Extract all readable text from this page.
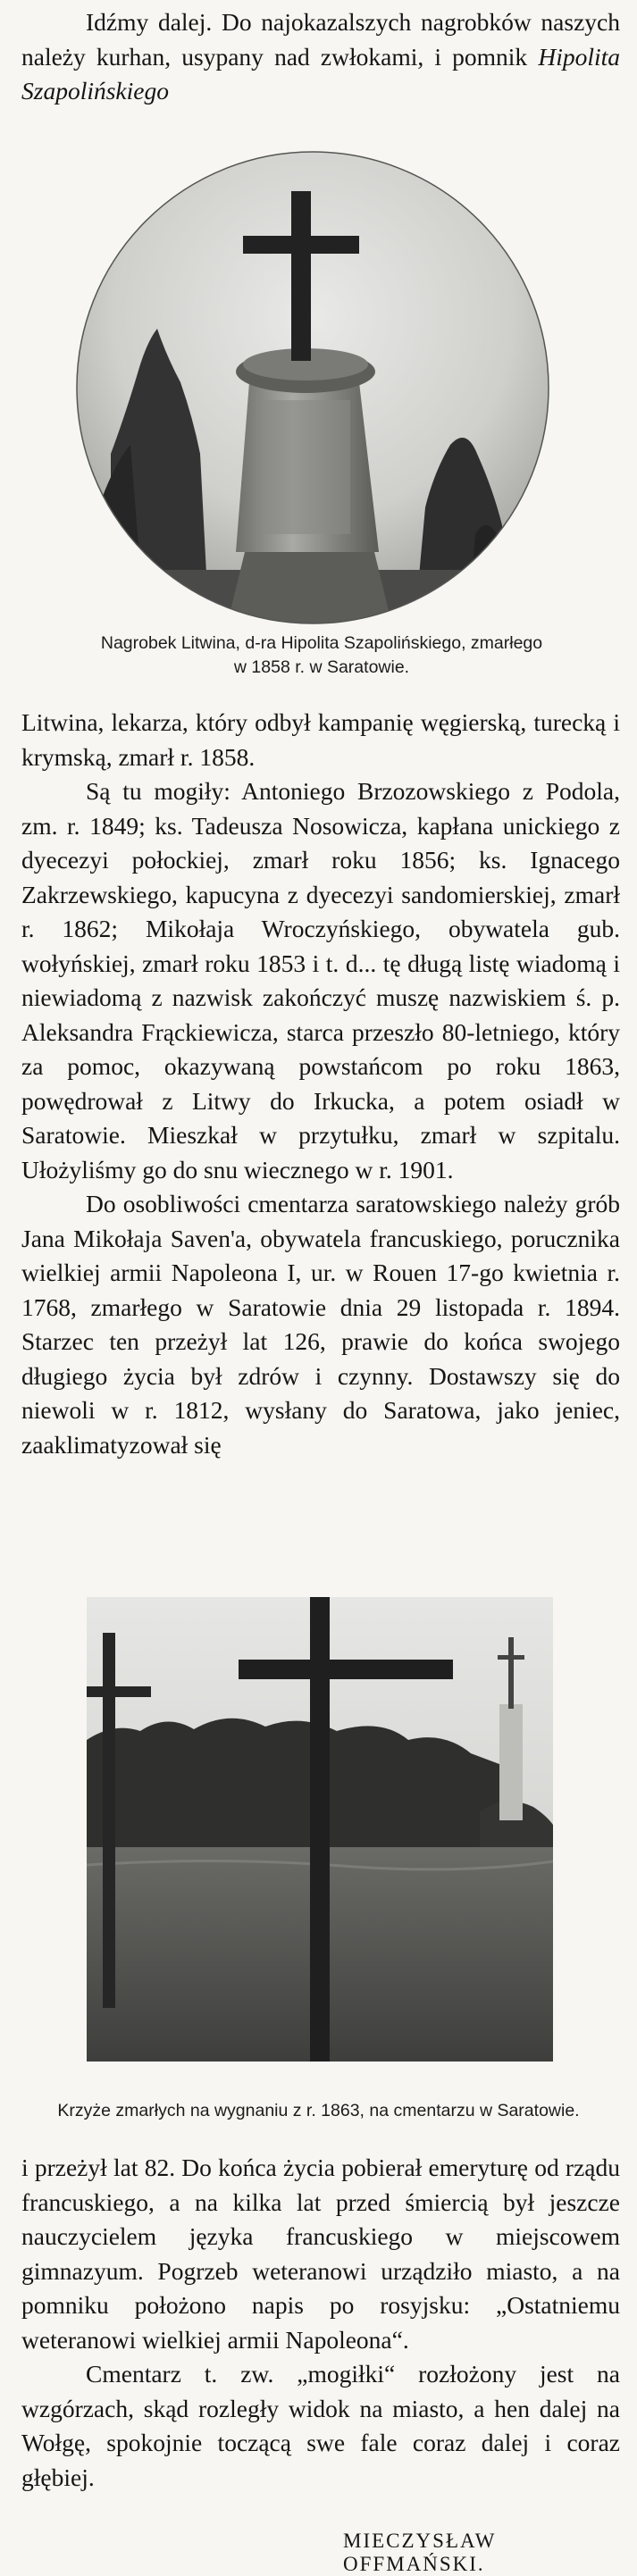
Idźmy dalej. Do najokazalszych nagrobków naszych należy kurhan, usypany nad zwłokami, i pomnik Hipolita Szapolińskiego

Nagrobek Litwina, d-ra Hipolita Szapolińskiego, zmarłego
w 1858 r. w Saratowie.

Litwina, lekarza, który odbył kampanię węgierską, turecką i krymską, zmarł r. 1858.

Są tu mogiły: Antoniego Brzozowskiego z Podola, zm. r. 1849; ks. Tadeusza Nosowicza, kapłana unickiego z dyecezyi połockiej, zmarł roku 1856; ks. Ignacego Zakrzewskiego, kapucyna z dyecezyi sandomierskiej, zmarł r. 1862; Mikołaja Wroczyńskiego, obywatela gub. wołyńskiej, zmarł roku 1853 i t. d... tę długą listę wiadomą i niewiadomą z nazwisk zakończyć muszę nazwiskiem ś. p. Aleksandra Frąckiewicza, starca przeszło 80-letniego, który za pomoc, okazywaną powstańcom po roku 1863, powędrował z Litwy do Irkucka, a potem osiadł w Saratowie. Mieszkał w przytułku, zmarł w szpitalu. Ułożyliśmy go do snu wiecznego w r. 1901.

Do osobliwości cmentarza saratowskiego należy grób Jana Mikołaja Saven'a, obywatela francuskiego, porucznika wielkiej armii Napoleona I, ur. w Rouen 17-go kwietnia r. 1768, zmarłego w Saratowie dnia 29 listopada r. 1894. Starzec ten przeżył lat 126, prawie do końca swojego długiego życia był zdrów i czynny. Dostawszy się do niewoli w r. 1812, wysłany do Saratowa, jako jeniec, zaaklimatyzował się

Krzyże zmarłych na wygnaniu z r. 1863, na cmentarzu w Saratowie.

i przeżył lat 82. Do końca życia pobierał emeryturę od rządu francuskiego, a na kilka lat przed śmiercią był jeszcze nauczycielem języka francuskiego w miejscowem gimnazyum. Pogrzeb weteranowi urządziło miasto, a na pomniku położono napis po rosyjsku: „Ostatniemu weteranowi wielkiej armii Napoleona“.

Cmentarz t. zw. „mogiłki“ rozłożony jest na wzgórzach, skąd rozległy widok na miasto, a hen dalej na Wołgę, spokojnie toczącą swe fale coraz dalej i coraz głębiej.

MIECZYSŁAW OFFMAŃSKI.
